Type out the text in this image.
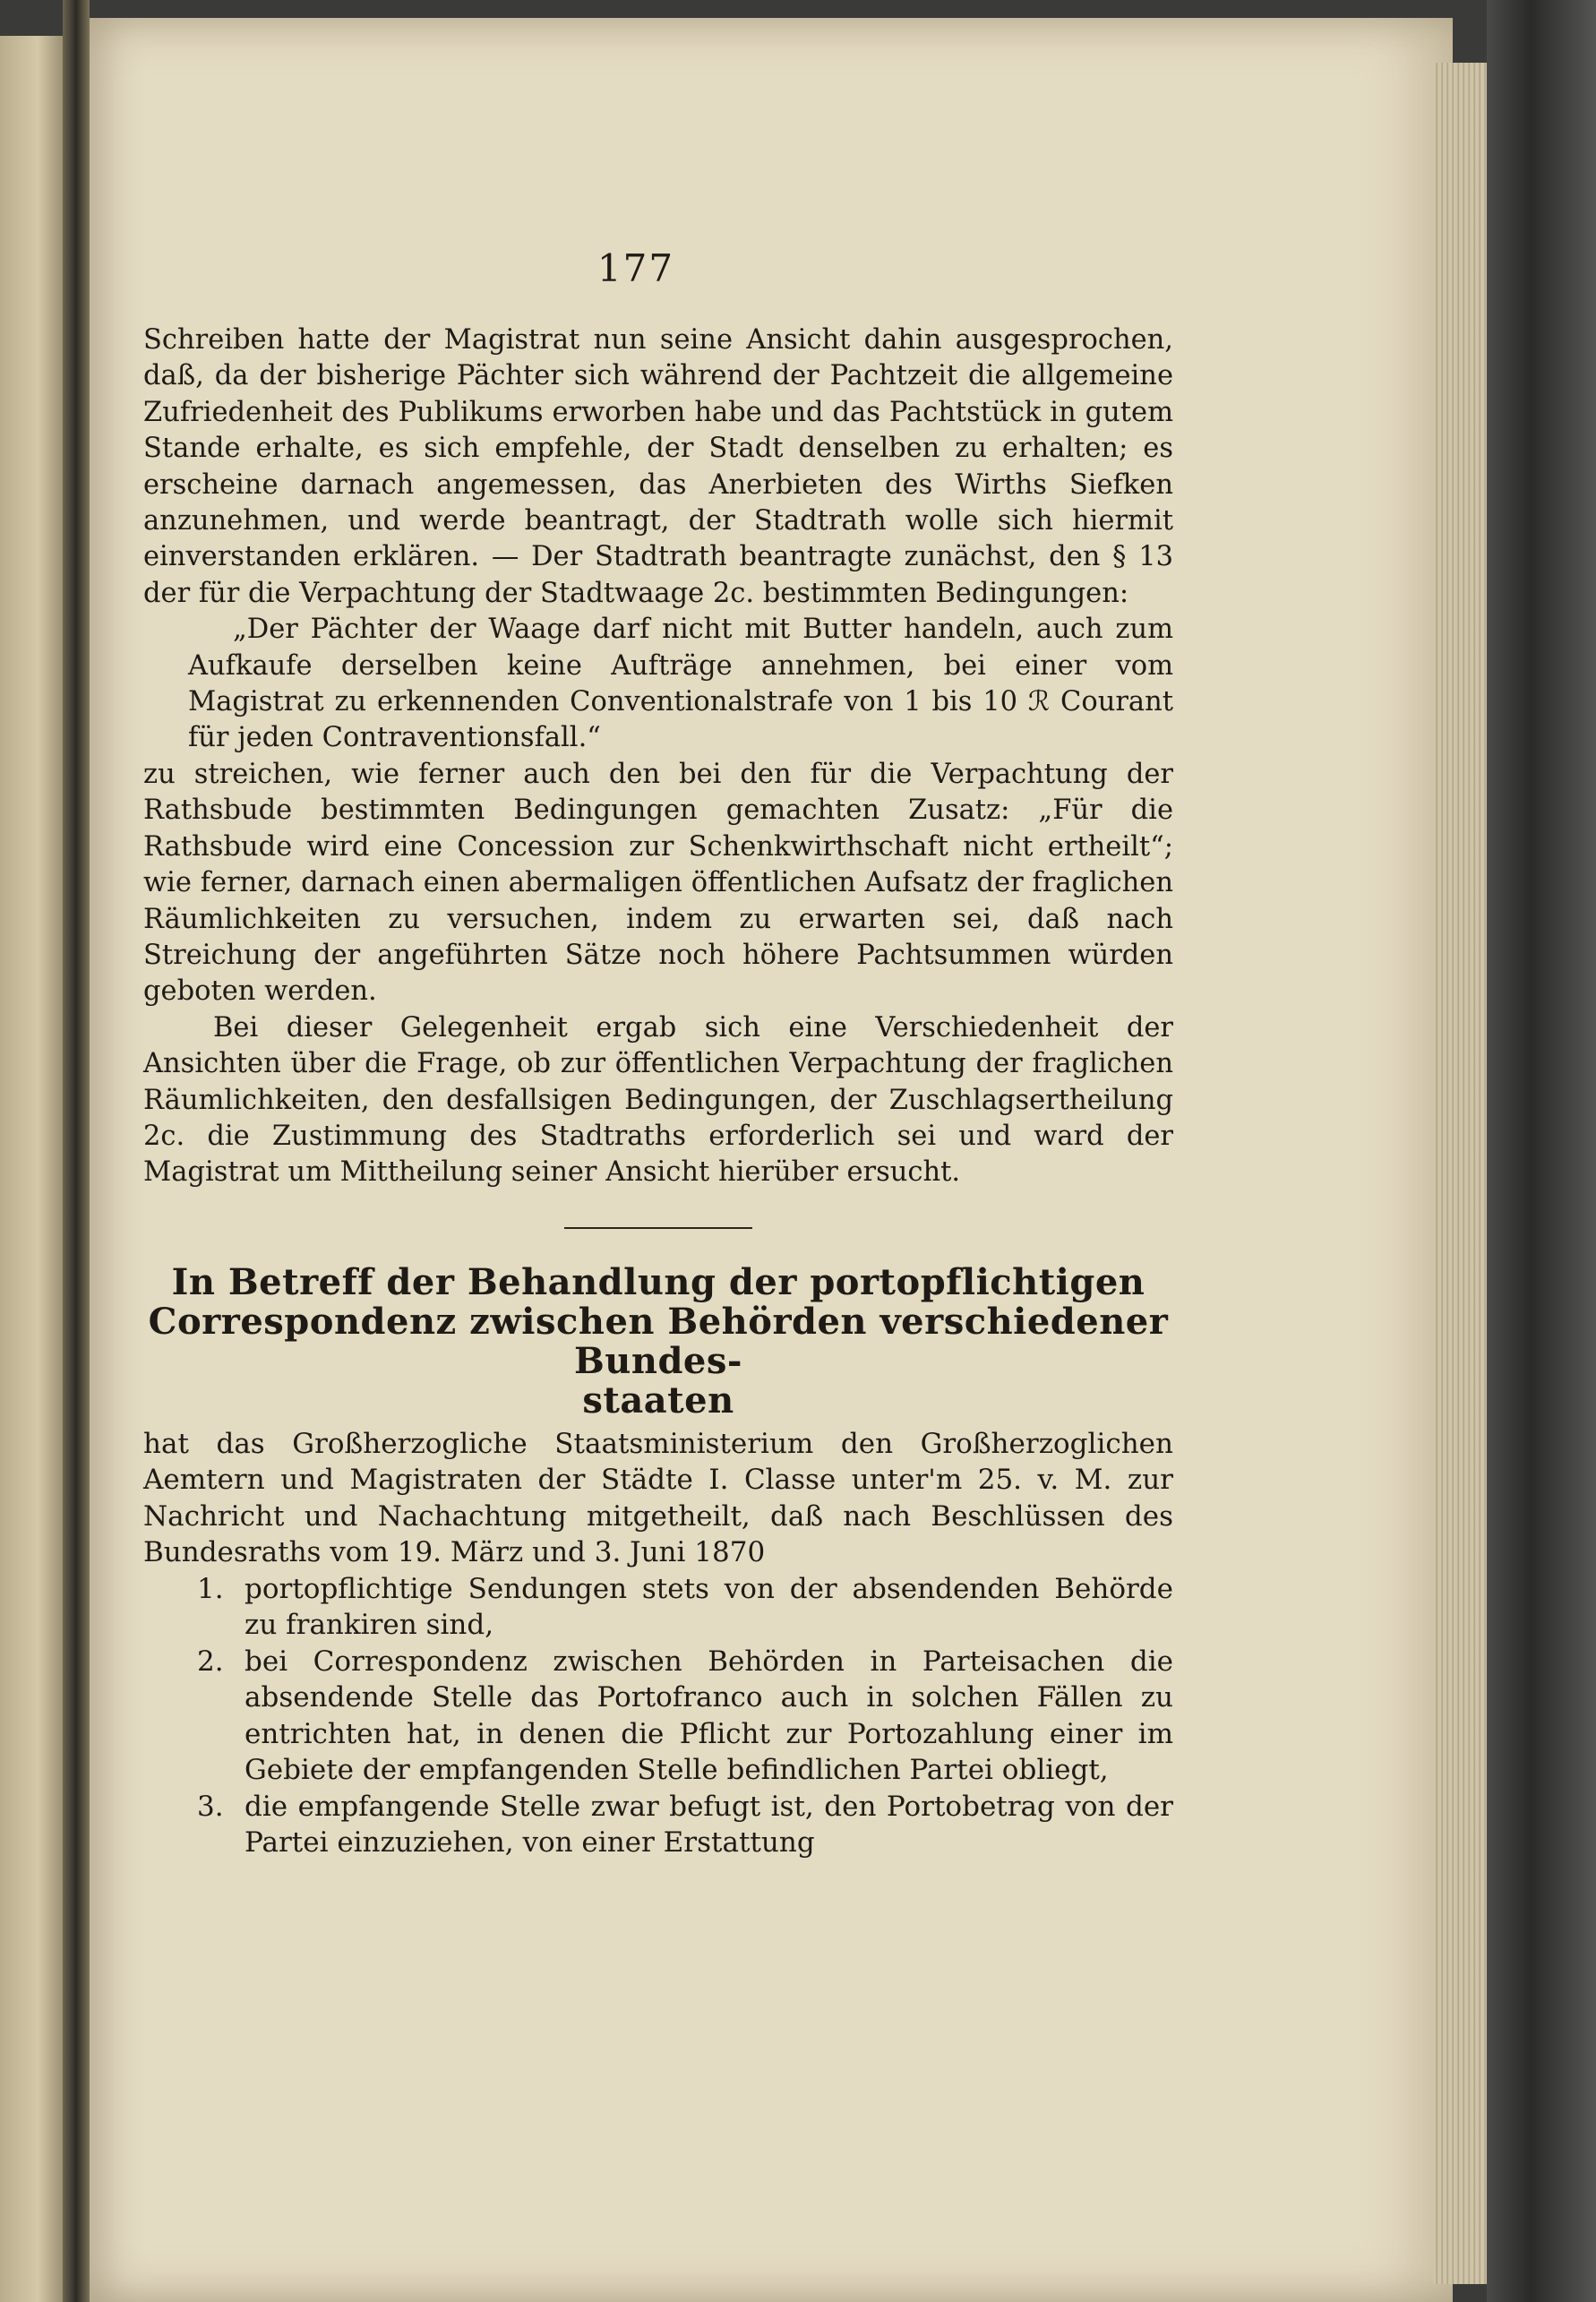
177

Schreiben hatte der Magistrat nun seine Ansicht dahin ausgesprochen, daß, da der bisherige Pächter sich während der Pachtzeit die allgemeine Zufriedenheit des Publikums erworben habe und das Pachtstück in gutem Stande erhalte, es sich empfehle, der Stadt denselben zu erhalten; es erscheine darnach angemessen, das Anerbieten des Wirths Siefken anzunehmen, und werde beantragt, der Stadtrath wolle sich hiermit einverstanden erklären. — Der Stadtrath beantragte zunächst, den § 13 der für die Verpachtung der Stadtwaage 2c. bestimmten Bedingungen:

„Der Pächter der Waage darf nicht mit Butter handeln, auch zum Aufkaufe derselben keine Aufträge annehmen, bei einer vom Magistrat zu erkennenden Conventionalstrafe von 1 bis 10 ℛ Courant für jeden Contraventionsfall.“

zu streichen, wie ferner auch den bei den für die Verpachtung der Rathsbude bestimmten Bedingungen gemachten Zusatz: „Für die Rathsbude wird eine Concession zur Schenkwirthschaft nicht ertheilt“; wie ferner, darnach einen abermaligen öffentlichen Aufsatz der fraglichen Räumlichkeiten zu versuchen, indem zu erwarten sei, daß nach Streichung der angeführten Sätze noch höhere Pachtsummen würden geboten werden.

Bei dieser Gelegenheit ergab sich eine Verschiedenheit der Ansichten über die Frage, ob zur öffentlichen Verpachtung der fraglichen Räumlichkeiten, den desfallsigen Bedingungen, der Zuschlagsertheilung 2c. die Zustimmung des Stadtraths erforderlich sei und ward der Magistrat um Mittheilung seiner Ansicht hierüber ersucht.

In Betreff der Behandlung der portopflichtigen Correspondenz zwischen Behörden verschiedener Bundes-
staaten

hat das Großherzogliche Staatsministerium den Großherzoglichen Aemtern und Magistraten der Städte I. Classe unter'm 25. v. M. zur Nachricht und Nachachtung mitgetheilt, daß nach Beschlüssen des Bundesraths vom 19. März und 3. Juni 1870

1. portopflichtige Sendungen stets von der absendenden Behörde zu frankiren sind,

2. bei Correspondenz zwischen Behörden in Parteisachen die absendende Stelle das Portofranco auch in solchen Fällen zu entrichten hat, in denen die Pflicht zur Portozahlung einer im Gebiete der empfangenden Stelle befindlichen Partei obliegt,

3. die empfangende Stelle zwar befugt ist, den Portobetrag von der Partei einzuziehen, von einer Erstattung
